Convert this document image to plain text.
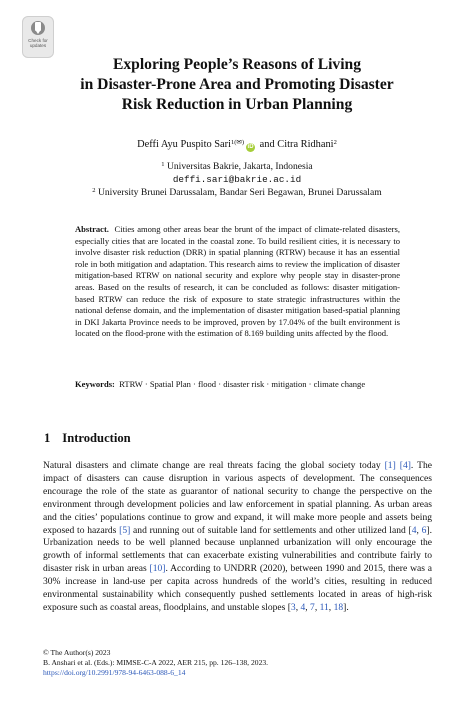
Check for
updates
Exploring People’s Reasons of Living
in Disaster-Prone Area and Promoting Disaster
Risk Reduction in Urban Planning
Deffi Ayu Puspito Sari$^{1(✉)}$iD and Citra Ridhani$^2$
$^1$ Universitas Bakrie, Jakarta, Indonesia
deffi.sari@bakrie.ac.id
$^2$ University Brunei Darussalam, Bandar Seri Begawan, Brunei Darussalam
Abstract. Cities among other areas bear the brunt of the impact of climate-related disasters, especially cities that are located in the coastal zone. To build resilient cities, it is necessary to involve disaster risk reduction (DRR) in spatial planning (RTRW) because it has an essential role in both mitigation and adaptation. This research aims to review the implication of disaster mitigation-based RTRW on national security and explore why people stay in disaster-prone areas. Based on the results of research, it can be concluded as follows: disaster mitigation-based RTRW can reduce the risk of exposure to state strategic infrastructures within the national defense domain, and the implementation of disaster mitigation based-spatial planning in DKI Jakarta Province needs to be improved, proven by 17.04% of the built environment is located on the flood-prone with the estimation of 8.169 building units affected by the flood.
Keywords: RTRW · Spatial Plan · flood · disaster risk · mitigation · climate change
1 Introduction
Natural disasters and climate change are real threats facing the global society today [1] [4]. The impact of disasters can cause disruption in various aspects of development. The consequences encourage the role of the state as guarantor of national security to change the perspective on the environment through development policies and law enforcement in spatial planning. As urban areas and the cities’ populations continue to grow and expand, it will make more people and assets being exposed to hazards [5] and running out of suitable land for settlements and other utilized land [4, 6]. Urbanization needs to be well planned because unplanned urbanization will only encourage the growth of informal settlements that can exacerbate existing vulnerabilities and contribute fairly to disaster risk in urban areas [10]. According to UNDRR (2020), between 1990 and 2015, there was a 30% increase in land-use per capita across hundreds of the world’s cities, resulting in reduced environmental sustainability which consequently pushed settlements located in areas of high-risk exposure such as coastal areas, floodplains, and unstable slopes [3, 4, 7, 11, 18].
© The Author(s) 2023
B. Anshari et al. (Eds.): MIMSE-C-A 2022, AER 215, pp. 126–138, 2023.
https://doi.org/10.2991/978-94-6463-088-6_14
